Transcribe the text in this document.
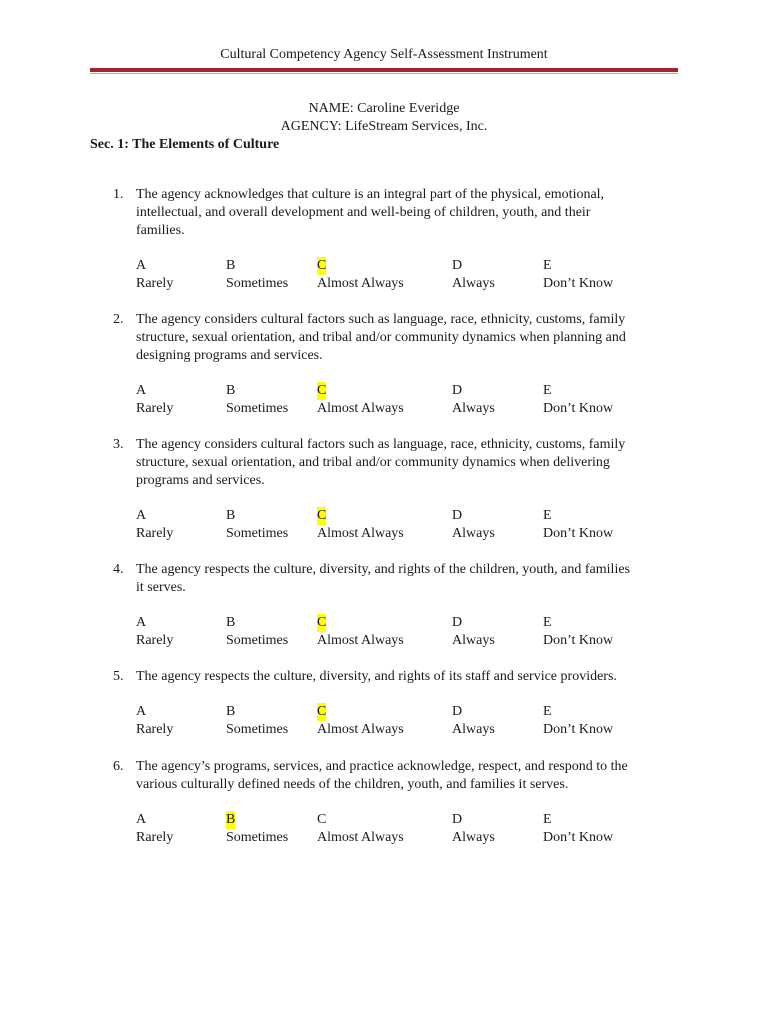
Cultural Competency Agency Self-Assessment Instrument
NAME: Caroline Everidge
AGENCY: LifeStream Services, Inc.
Sec. 1: The Elements of Culture
1. The agency acknowledges that culture is an integral part of the physical, emotional,
intellectual, and overall development and well-being of children, youth, and their
families.
A
Rarely
B
Sometimes
C
Almost Always
D
Always
E
Don’t Know
2. The agency considers cultural factors such as language, race, ethnicity, customs, family
structure, sexual orientation, and tribal and/or community dynamics when planning and
designing programs and services.
A
Rarely
B
Sometimes
C
Almost Always
D
Always
E
Don’t Know
3. The agency considers cultural factors such as language, race, ethnicity, customs, family
structure, sexual orientation, and tribal and/or community dynamics when delivering
programs and services.
A
Rarely
B
Sometimes
C
Almost Always
D
Always
E
Don’t Know
4. The agency respects the culture, diversity, and rights of the children, youth, and families
it serves.
A
Rarely
B
Sometimes
C
Almost Always
D
Always
E
Don’t Know
5. The agency respects the culture, diversity, and rights of its staff and service providers.
A
Rarely
B
Sometimes
C
Almost Always
D
Always
E
Don’t Know
6. The agency’s programs, services, and practice acknowledge, respect, and respond to the
various culturally defined needs of the children, youth, and families it serves.
A
Rarely
B
Sometimes
C
Almost Always
D
Always
E
Don’t Know
